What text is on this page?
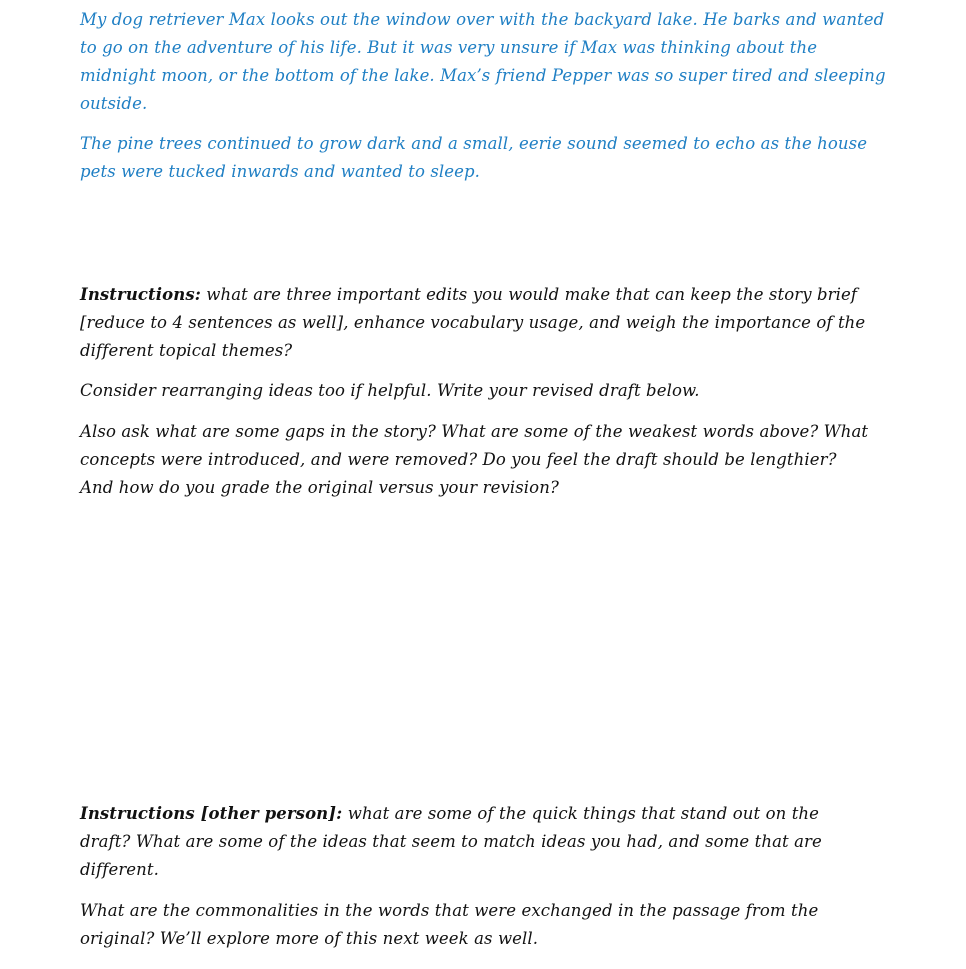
My dog retriever Max looks out the window over with the backyard lake. He barks and wanted to go on the adventure of his life. But it was very unsure if Max was thinking about the midnight moon, or the bottom of the lake. Max’s friend Pepper was so super tired and sleeping outside.

The pine trees continued to grow dark and a small, eerie sound seemed to echo as the house pets were tucked inwards and wanted to sleep.

Instructions: what are three important edits you would make that can keep the story brief [reduce to 4 sentences as well], enhance vocabulary usage, and weigh the importance of the different topical themes?

Consider rearranging ideas too if helpful. Write your revised draft below.

Also ask what are some gaps in the story? What are some of the weakest words above? What concepts were introduced, and were removed? Do you feel the draft should be lengthier? And how do you grade the original versus your revision?

Instructions [other person]: what are some of the quick things that stand out on the draft? What are some of the ideas that seem to match ideas you had, and some that are different.

What are the commonalities in the words that were exchanged in the passage from the original? We’ll explore more of this next week as well.
